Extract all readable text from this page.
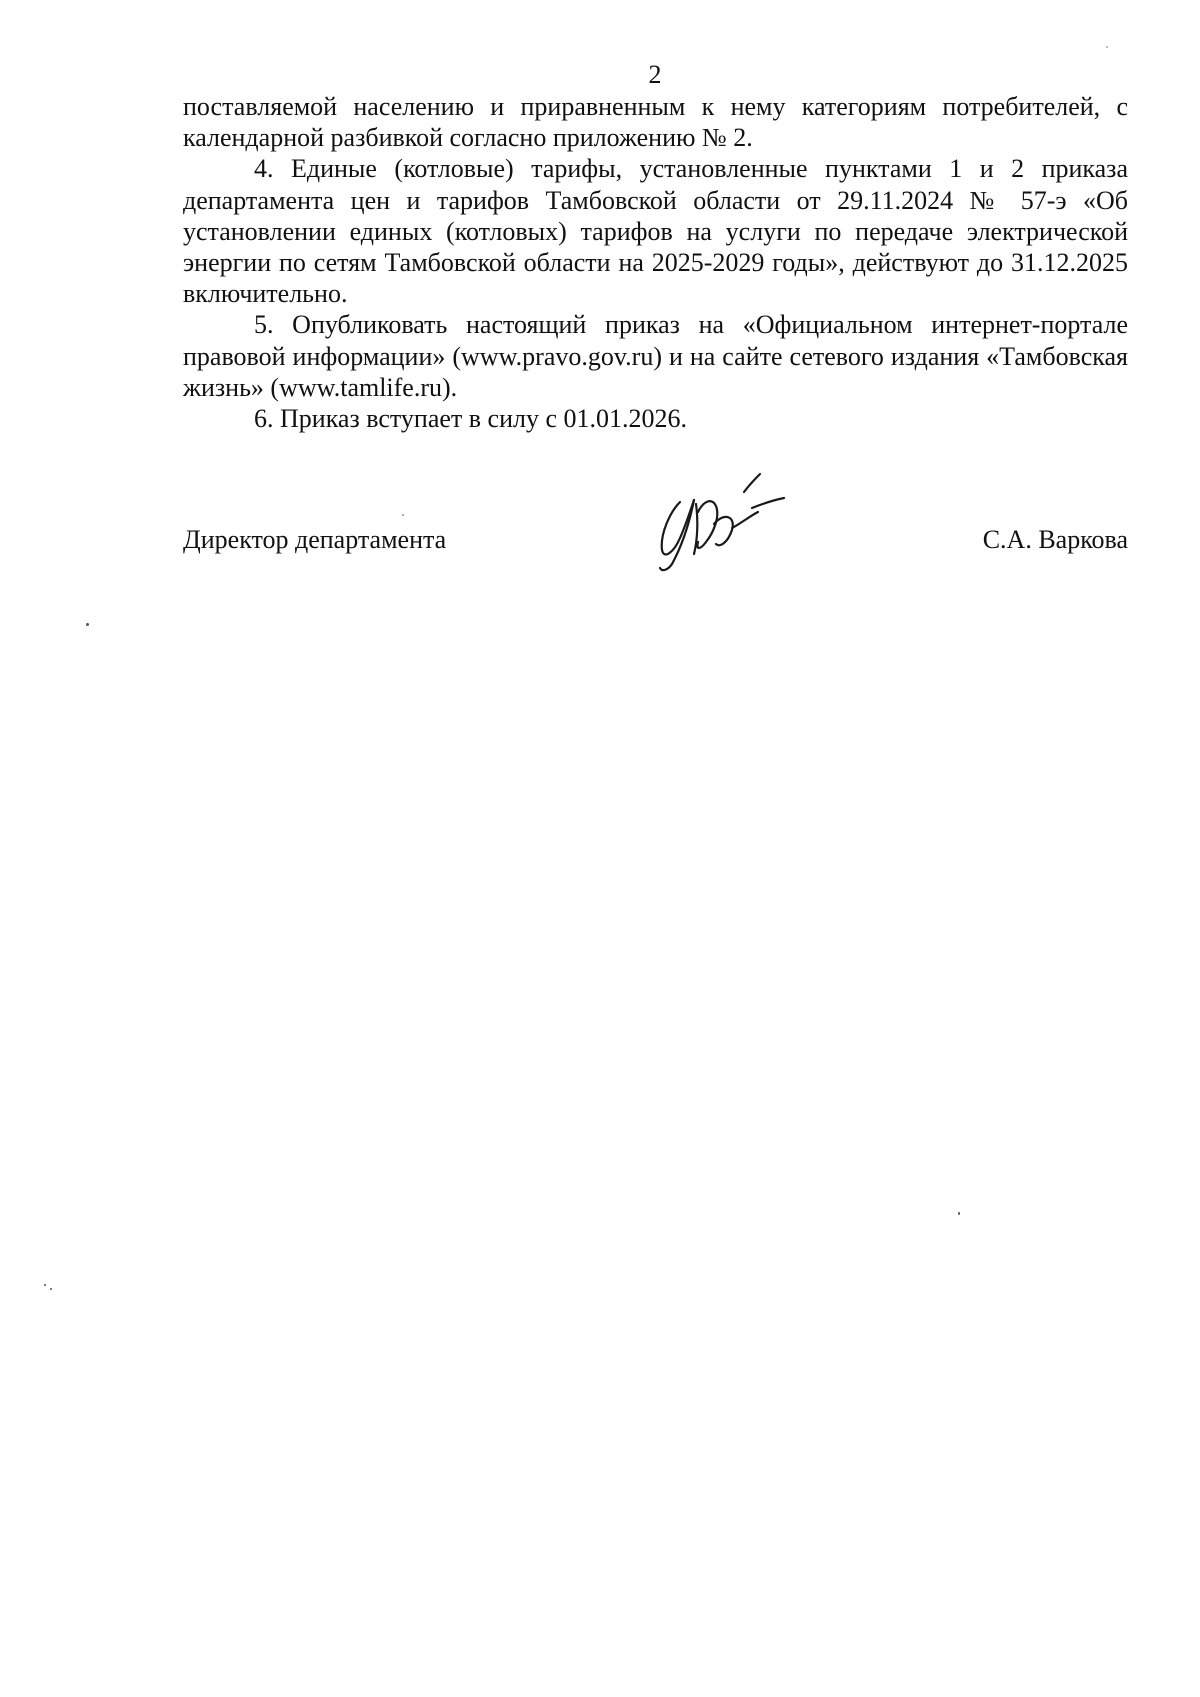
2

поставляемой населению и приравненным к нему категориям потребителей, с календарной разбивкой согласно приложению № 2.

4. Единые (котловые) тарифы, установленные пунктами 1 и 2 приказа департамента цен и тарифов Тамбовской области от 29.11.2024 № 57-э «Об установлении единых (котловых) тарифов на услуги по передаче электрической энергии по сетям Тамбовской области на 2025-2029 годы», действуют до 31.12.2025 включительно.

5. Опубликовать настоящий приказ на «Официальном интернет-портале правовой информации» (www.pravo.gov.ru) и на сайте сетевого издания «Тамбовская жизнь» (www.tamlife.ru).

6. Приказ вступает в силу с 01.01.2026.

Директор департамента	С.А. Варкова
